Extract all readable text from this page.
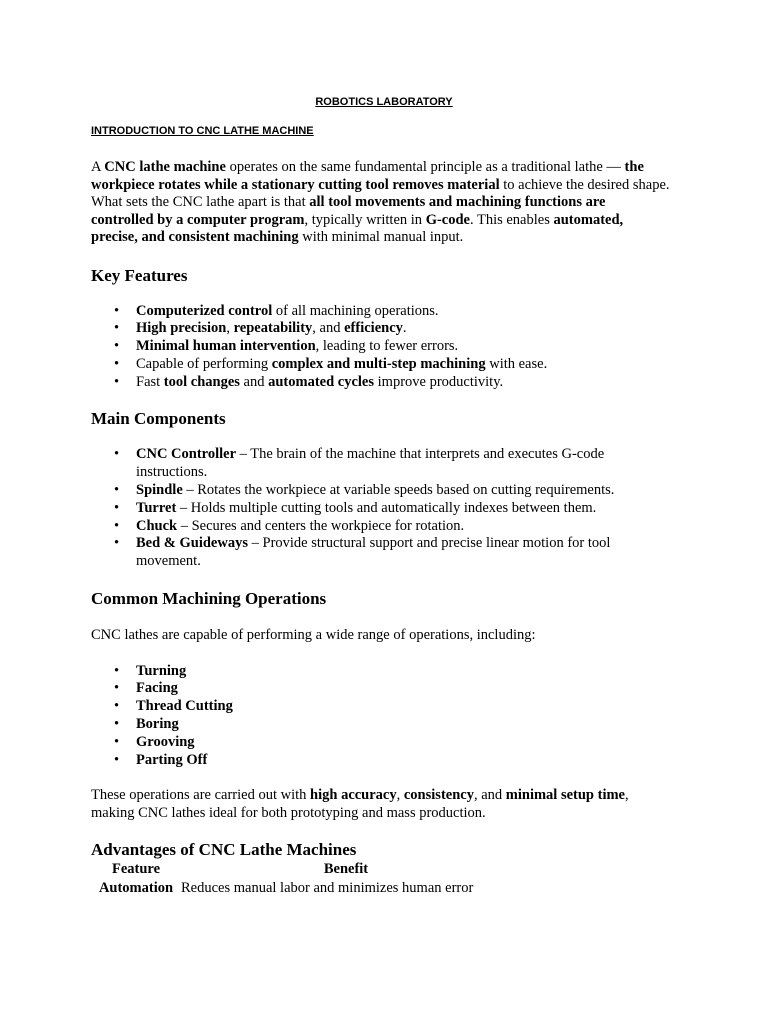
ROBOTICS LABORATORY
INTRODUCTION TO CNC LATHE MACHINE

A CNC lathe machine operates on the same fundamental principle as a traditional lathe — the workpiece rotates while a stationary cutting tool removes material to achieve the desired shape.

What sets the CNC lathe apart is that all tool movements and machining functions are controlled by a computer program, typically written in G-code. This enables automated, precise, and consistent machining with minimal manual input.

Key Features
• Computerized control of all machining operations.
• High precision, repeatability, and efficiency.
• Minimal human intervention, leading to fewer errors.
• Capable of performing complex and multi-step machining with ease.
• Fast tool changes and automated cycles improve productivity.
Main Components
• CNC Controller – The brain of the machine that interprets and executes G-code instructions.
• Spindle – Rotates the workpiece at variable speeds based on cutting requirements.
• Turret – Holds multiple cutting tools and automatically indexes between them.
• Chuck – Secures and centers the workpiece for rotation.
• Bed & Guideways – Provide structural support and precise linear motion for tool movement.
Common Machining Operations

CNC lathes are capable of performing a wide range of operations, including:

• Turning
• Facing
• Thread Cutting
• Boring
• Grooving
• Parting Off

These operations are carried out with high accuracy, consistency, and minimal setup time, making CNC lathes ideal for both prototyping and mass production.

Advantages of CNC Lathe Machines
Feature	Benefit
Automation Reduces manual labor and minimizes human error
